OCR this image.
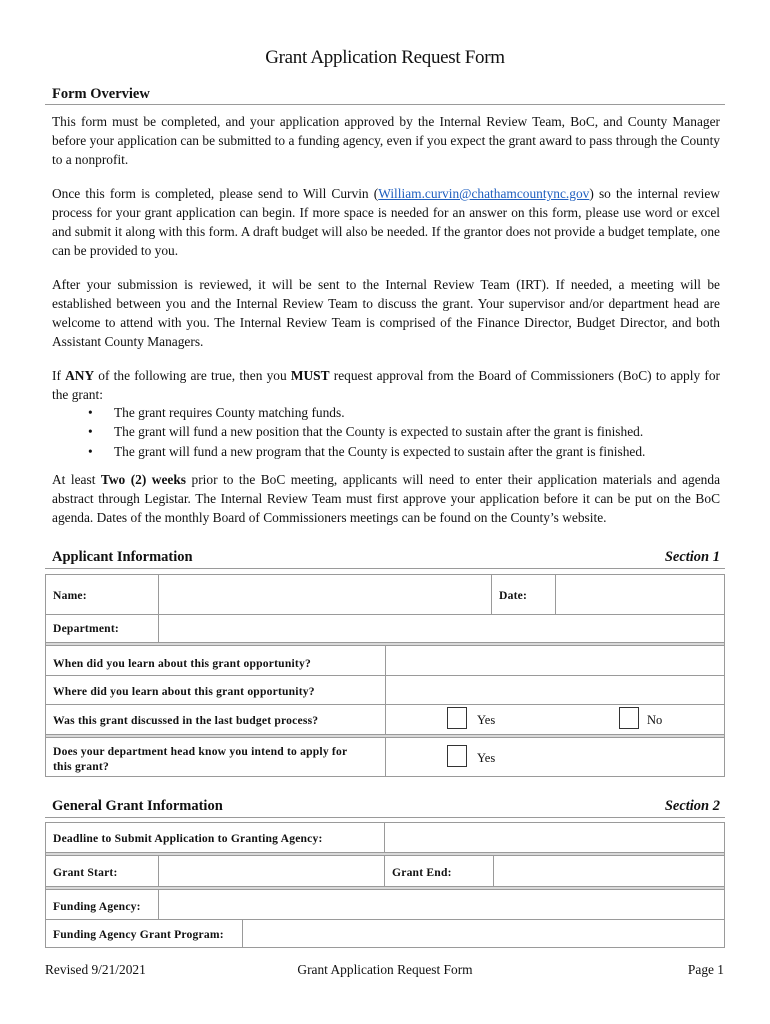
Grant Application Request Form
Form Overview
This form must be completed, and your application approved by the Internal Review Team, BoC, and County Manager before your application can be submitted to a funding agency, even if you expect the grant award to pass through the County to a nonprofit.
Once this form is completed, please send to Will Curvin (William.curvin@chathamcountync.gov) so the internal review process for your grant application can begin. If more space is needed for an answer on this form, please use word or excel and submit it along with this form. A draft budget will also be needed. If the grantor does not provide a budget template, one can be provided to you.
After your submission is reviewed, it will be sent to the Internal Review Team (IRT). If needed, a meeting will be established between you and the Internal Review Team to discuss the grant. Your supervisor and/or department head are welcome to attend with you. The Internal Review Team is comprised of the Finance Director, Budget Director, and both Assistant County Managers.
If ANY of the following are true, then you MUST request approval from the Board of Commissioners (BoC) to apply for the grant:
• The grant requires County matching funds.
• The grant will fund a new position that the County is expected to sustain after the grant is finished.
• The grant will fund a new program that the County is expected to sustain after the grant is finished.
At least Two (2) weeks prior to the BoC meeting, applicants will need to enter their application materials and agenda abstract through Legistar. The Internal Review Team must first approve your application before it can be put on the BoC agenda. Dates of the monthly Board of Commissioners meetings can be found on the County’s website.
Applicant Information	Section 1
Name:	Date:
Department:
When did you learn about this grant opportunity?
Where did you learn about this grant opportunity?
Was this grant discussed in the last budget process?	Yes	No
Does your department head know you intend to apply for
this grant?
Yes
General Grant Information	Section 2
Deadline to Submit Application to Granting Agency:
Grant Start:	Grant End:
Funding Agency:
Funding Agency Grant Program:
Revised 9/21/2021	Grant Application Request Form	Page 1
